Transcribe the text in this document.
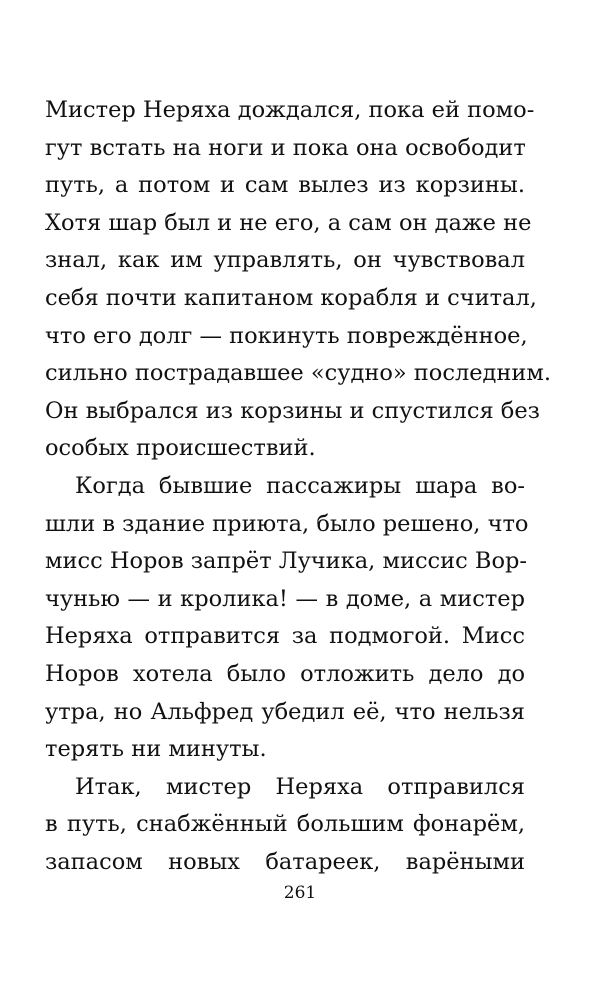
Мистер Неряха дождался, пока ей помо-
гут встать на ноги и пока она освободит
путь, а потом и сам вылез из корзины.
Хотя шар был и не его, а сам он даже не
знал, как им управлять, он чувствовал
себя почти капитаном корабля и считал,
что его долг — покинуть повреждённое,
сильно пострадавшее «судно» последним.
Он выбрался из корзины и спустился без
особых происшествий.
Когда бывшие пассажиры шара во-
шли в здание приюта, было решено, что
мисс Норов запрёт Лучика, миссис Вор-
чунью — и кролика! — в доме, а мистер
Неряха отправится за подмогой. Мисс
Норов хотела было отложить дело до
утра, но Альфред убедил её, что нельзя
терять ни минуты.
Итак, мистер Неряха отправился
в путь, снабжённый большим фонарём,
запасом новых батареек, варёными
261
